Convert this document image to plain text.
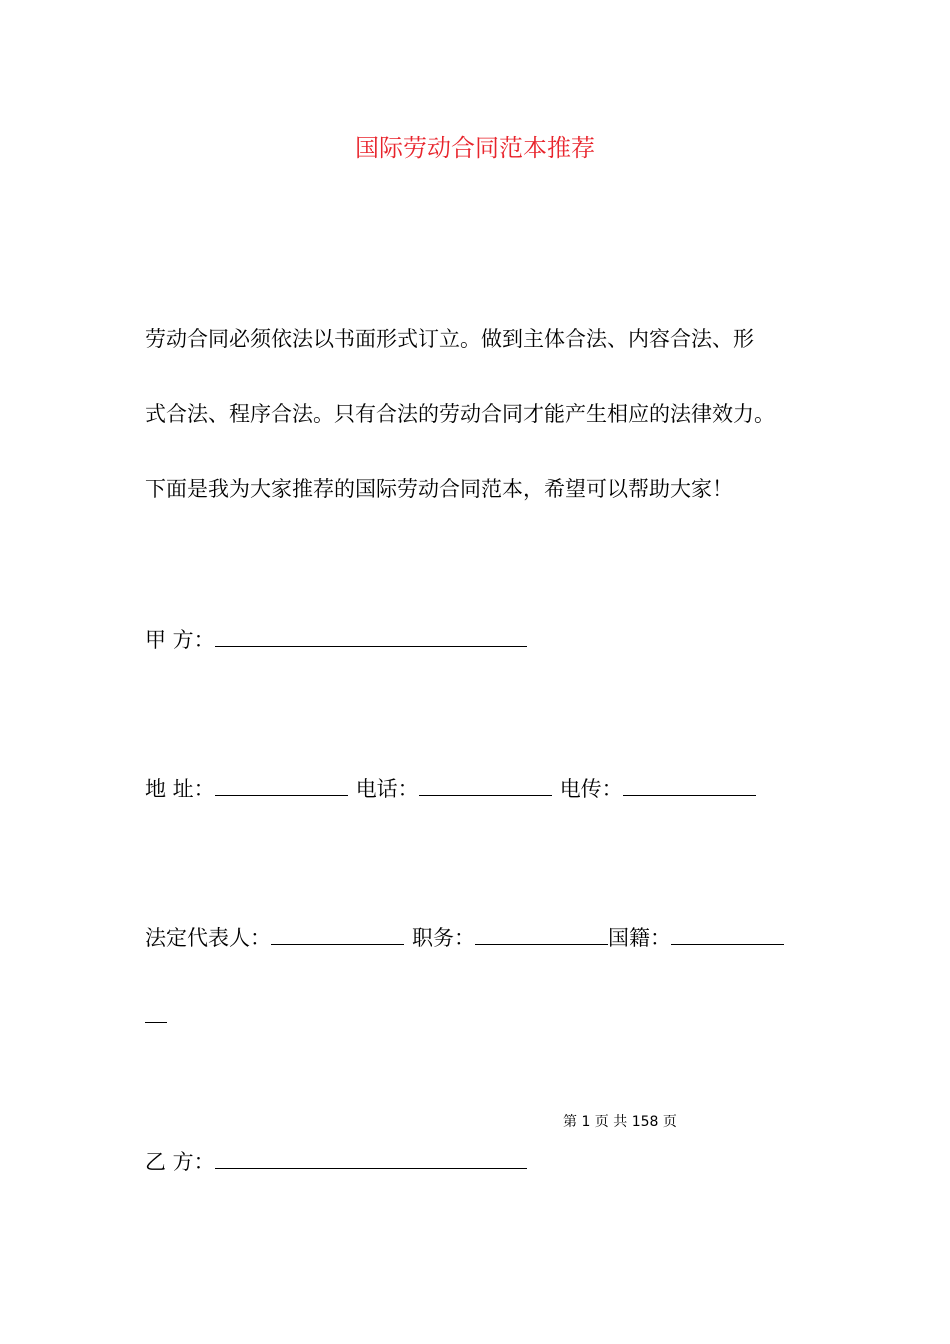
国际劳动合同范本推荐
劳动合同必须依法以书面形式订立。做到主体合法、内容合法、形
式合法、程序合法。只有合法的劳动合同才能产生相应的法律效力。
下面是我为大家推荐的国际劳动合同范本，希望可以帮助大家！
甲 方：
地 址：	电话：	电传：
法定代表人：	职务：	国籍：
第 1 页 共 158 页
乙 方：
